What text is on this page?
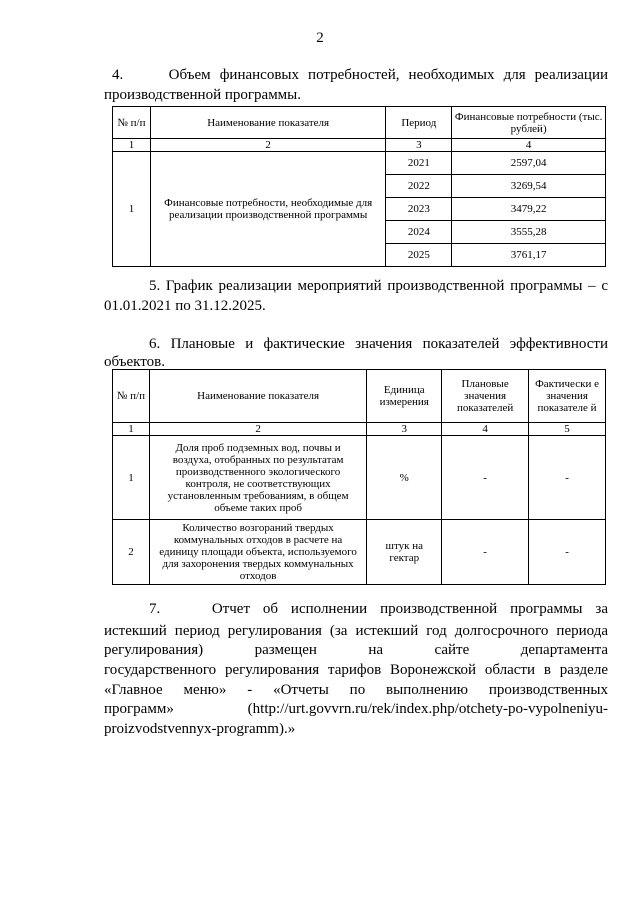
2
4.     Объем финансовых потребностей, необходимых для реализации
производственной программы.
№ п/п	Наименование показателя	Период	Финансовые потребности (тыс. рублей)
1	2	3	4
1	Финансовые потребности, необходимые для реализации производственной программы	2021	2597,04
		2022	3269,54
		2023	3479,22
		2024	3555,28
		2025	3761,17
5. График реализации мероприятий производственной программы – с
01.01.2021 по 31.12.2025.
6. Плановые и фактические значения показателей эффективности
объектов.
№ п/п	Наименование показателя	Единица измерения	Плановые значения показателей	Фактически е значения показателе й
1	2	3	4	5
1	Доля проб подземных вод, почвы и воздуха, отобранных по результатам производственного экологического контроля, не соответствующих установленным требованиям, в общем объеме таких проб	%	-	-
2	Количество возгораний твердых коммунальных отходов в расчете на единицу площади объекта, используемого для захоронения твердых коммунальных отходов	штук на гектар	-	-
7.    Отчет об исполнении производственной программы за
истекший период регулирования (за истекший год долгосрочного периода
регулирования) размещен на сайте департамента
государственного регулирования тарифов Воронежской области в разделе
«Главное меню» - «Отчеты по выполнению производственных
программ» (http://urt.govvrn.ru/rek/index.php/otchety-po-vypolneniyu-
proizvodstvennyx-programm).»
